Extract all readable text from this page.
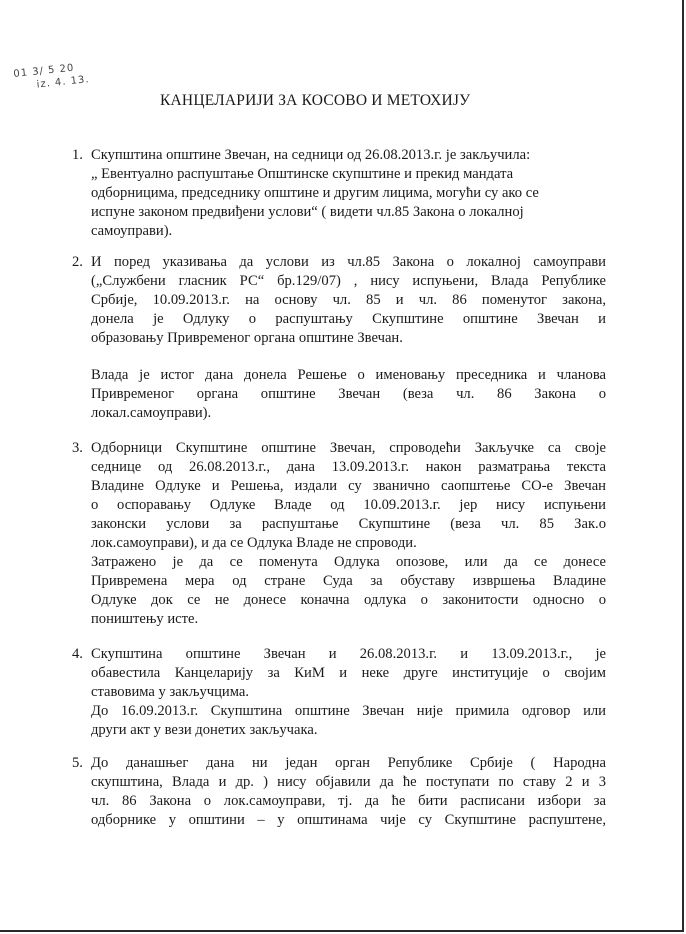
01 3/ 5 20
iz. 4. 13.
КАНЦЕЛАРИЈИ ЗА КОСОВО И МЕТОХИЈУ
1. Скупштина општине Звечан, на седници од 26.08.2013.г. је закључила:
„ Евентуално распуштање Општинске скупштине и прекид мандата
одборницима, председнику општине и другим лицима, могући су ако се
испуне законом предвиђени услови“ ( видети чл.85 Закона о локалној
самоуправи).
2. И поред указивања да услови из чл.85 Закона о локалној самоуправи
(„Службени гласник РС“ бр.129/07) , нису испуњени, Влада Републике
Србије, 10.09.2013.г. на основу чл. 85 и чл. 86 поменутог закона,
донела је Одлуку о распуштању Скупштине општине Звечан и
образовању Привременог органа општине Звечан.
Влада је истог дана донела Решење о именовању преседника и чланова
Привременог органа општине Звечан (веза чл. 86 Закона о
локал.самоуправи).
3. Одборници Скупштине општине Звечан, спроводећи Закључке са своје
седнице од 26.08.2013.г., дана 13.09.2013.г. након разматрања текста
Владине Одлуке и Решења, издали су званично саопштење СО-е Звечан
о оспоравању Одлуке Владе од 10.09.2013.г. јер нису испуњени
законски услови за распуштање Скупштине (веза чл. 85 Зак.о
лок.самоуправи), и да се Одлука Владе не спроводи.
Затражено је да се поменута Одлука опозове, или да се донесе
Привремена мера од стране Суда за обуставу извршења Владине
Одлуке док се не донесе коначна одлука о законитости односно о
поништењу исте.
4. Скупштина општине Звечан и 26.08.2013.г. и 13.09.2013.г., је
обавестила Канцеларију за КиМ и неке друге институције о својим
ставовима у закључцима.
До 16.09.2013.г. Скупштина општине Звечан није примила одговор или
други акт у вези донетих закључака.
5. До данашњег дана ни један орган Републике Србије ( Народна
скупштина, Влада и др. ) нису објавили да ће поступати по ставу 2 и 3
чл. 86 Закона о лок.самоуправи, тј. да ће бити расписани избори за
одборнике у општини – у општинама чије су Скупштине распуштене,
